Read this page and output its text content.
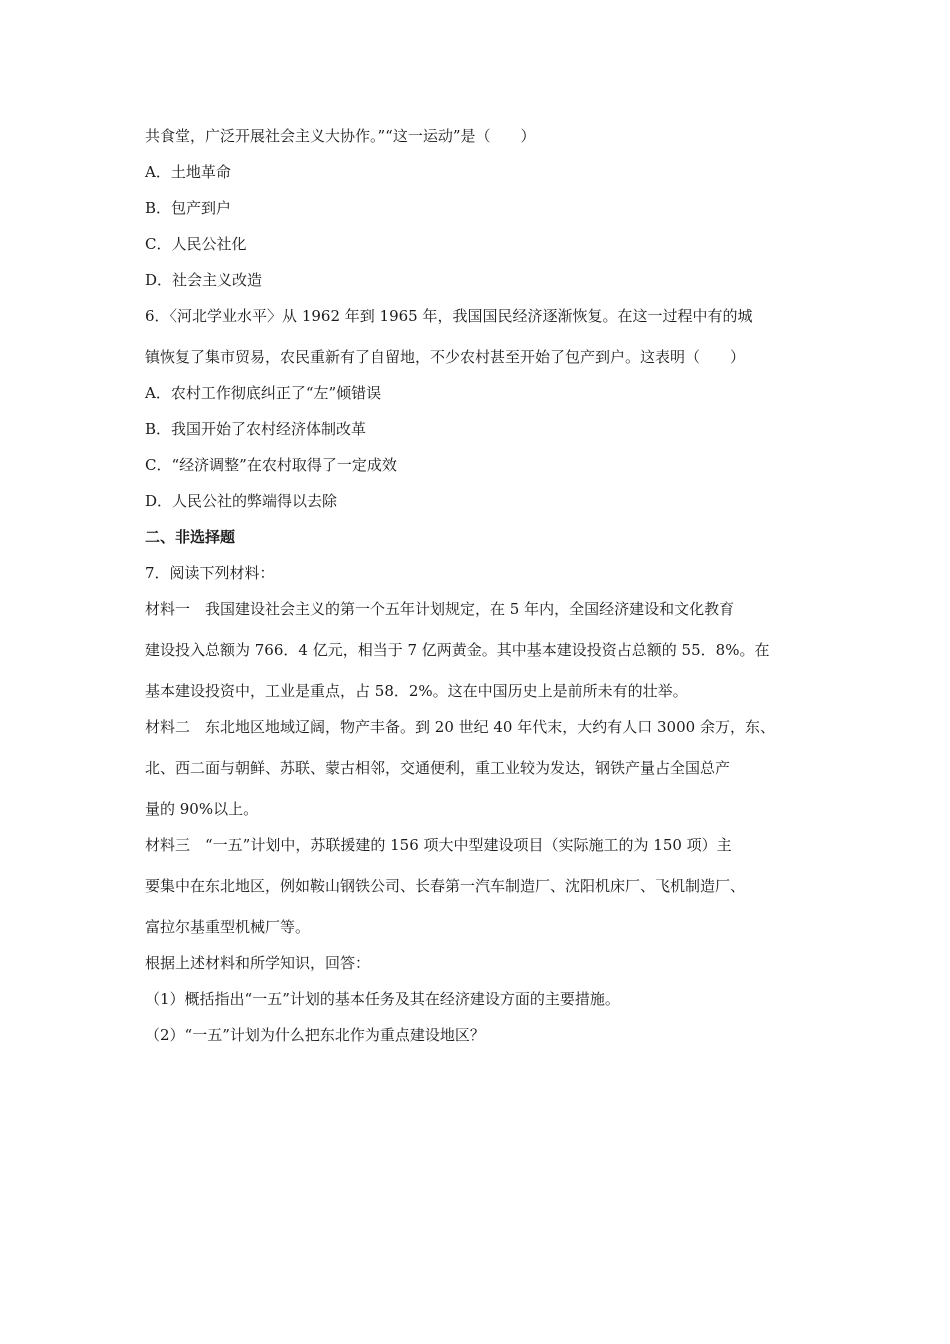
共食堂，广泛开展社会主义大协作。”“这一运动”是（　　）
A．土地革命
B．包产到户
C．人民公社化
D．社会主义改造
6．〈河北学业水平〉从 1962 年到 1965 年，我国国民经济逐渐恢复。在这一过程中有的城
镇恢复了集市贸易，农民重新有了自留地，不少农村甚至开始了包产到户。这表明（　　）
A．农村工作彻底纠正了“左”倾错误
B．我国开始了农村经济体制改革
C．“经济调整”在农村取得了一定成效
D．人民公社的弊端得以去除
二、非选择题
7．阅读下列材料：
材料一　我国建设社会主义的第一个五年计划规定，在 5 年内，全国经济建设和文化教育
建设投入总额为 766．4 亿元，相当于 7 亿两黄金。其中基本建设投资占总额的 55．8%。在
基本建设投资中，工业是重点，占 58．2%。这在中国历史上是前所未有的壮举。
材料二　东北地区地域辽阔，物产丰备。到 20 世纪 40 年代末，大约有人口 3000 余万，东、
北、西二面与朝鲜、苏联、蒙古相邻，交通便利，重工业较为发达，钢铁产量占全国总产
量的 90%以上。
材料三　“一五”计划中，苏联援建的 156 项大中型建设项目（实际施工的为 150 项）主
要集中在东北地区，例如鞍山钢铁公司、长春第一汽车制造厂、沈阳机床厂、飞机制造厂、
富拉尔基重型机械厂等。
根据上述材料和所学知识，回答：
（1）概括指出“一五”计划的基本任务及其在经济建设方面的主要措施。
（2）“一五”计划为什么把东北作为重点建设地区？
